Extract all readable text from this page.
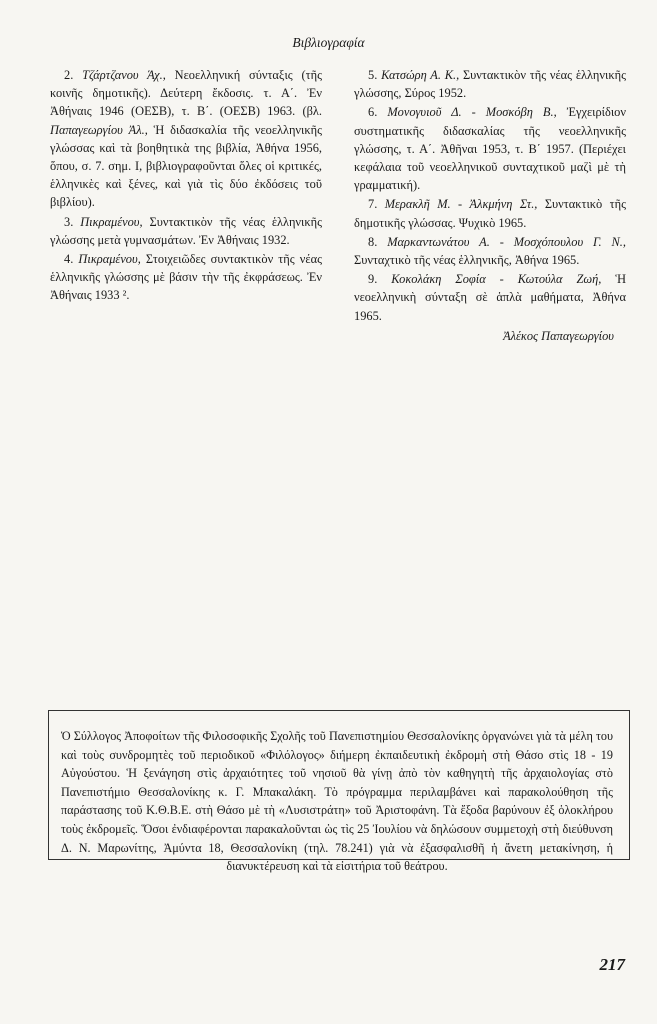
Βιβλιογραφία

2. Τζάρτζανου Άχ., Νεοελληνική σύνταξις (τῆς κοινῆς δημοτικῆς). Δεύτερη ἔκδοσις. τ. Α΄. Ἐν Ἀθήναις 1946 (ΟΕΣΒ), τ. Β΄. (ΟΕΣΒ) 1963. (βλ. Παπαγεωργίου Ἀλ., Ἡ διδασκαλία τῆς νεοελληνικῆς γλώσσας καὶ τὰ βοηθητικὰ της βιβλία, Ἀθήνα 1956, ὅπου, σ. 7. σημ. I, βιβλιογραφοῦνται ὅλες οἱ κριτικές, ἑλληνικὲς καὶ ξένες, καὶ γιὰ τὶς δύο ἐκδόσεις τοῦ βιβλίου).

3. Πικραμένου, Συντακτικὸν τῆς νέας ἑλληνικῆς γλώσσης μετὰ γυμνασμάτων. Ἐν Ἀθήναις 1932.

4. Πικραμένου, Στοιχειῶδες συντακτικὸν τῆς νέας ἑλληνικῆς γλώσσης μὲ βάσιν τὴν τῆς ἐκφράσεως. Ἐν Ἀθήναις 1933 ².

5. Κατσώρη Α. Κ., Συντακτικὸν τῆς νέας ἑλληνικῆς γλώσσης, Σύρος 1952.

6. Μονογυιοῦ Δ. - Μοσκόβη Β., Ἐγχειρίδιον συστηματικῆς διδασκαλίας τῆς νεοελληνικῆς γλώσσης, τ. Α΄. Ἀθῆναι 1953, τ. Β΄ 1957. (Περιέχει κεφάλαια τοῦ νεοελληνικοῦ συνταχτικοῦ μαζὶ μὲ τὴ γραμματική).

7. Μερακλῆ Μ. - Ἀλκμήνη Στ., Συντακτικὸ τῆς δημοτικῆς γλώσσας. Ψυχικὸ 1965.

8. Μαρκαντωνάτου Α. - Μοσχόπουλου Γ. Ν., Συνταχτικὸ τῆς νέας ἑλληνικῆς, Ἀθήνα 1965.

9. Κοκολάκη Σοφία - Κωτούλα Ζωή, Ἡ νεοελληνικὴ σύνταξη σὲ ἁπλὰ μαθήματα, Ἀθήνα 1965.

Ἀλέκος Παπαγεωργίου
Ὁ Σύλλογος Ἀποφοίτων τῆς Φιλοσοφικῆς Σχολῆς τοῦ Πανεπιστημίου Θεσσαλονίκης ὀργανώνει γιὰ τὰ μέλη του καὶ τοὺς συνδρομητὲς τοῦ περιοδικοῦ «Φιλόλογος» διήμερη ἐκπαιδευτικὴ ἐκδρομὴ στὴ Θάσο στὶς 18 - 19 Αὐγούστου. Ἡ ξενάγηση στὶς ἀρχαιότητες τοῦ νησιοῦ θὰ γίνῃ ἀπὸ τὸν καθηγητὴ τῆς ἀρχαιολογίας στὸ Πανεπιστήμιο Θεσσαλονίκης κ. Γ. Μπακαλάκη. Τὸ πρόγραμμα περιλαμβάνει καὶ παρακολούθηση τῆς παράστασης τοῦ Κ.Θ.Β.Ε. στὴ Θάσο μὲ τὴ «Λυσιστράτη» τοῦ Ἀριστοφάνη. Τὰ ἔξοδα βαρύνουν ἐξ ὁλοκλήρου τοὺς ἐκδρομεῖς. Ὅσοι ἐνδιαφέρονται παρακαλοῦνται ὡς τὶς 25 Ἰουλίου νὰ δηλώσουν συμμετοχὴ στὴ διεύθυνση Δ. Ν. Μαρωνίτης, Ἀμύντα 18, Θεσσαλονίκη (τηλ. 78.241) γιὰ νὰ ἐξασφαλισθῆ ἡ ἄνετη μετακίνηση, ἡ διανυκτέρευση καὶ τὰ εἰσιτήρια τοῦ θεάτρου.
217
